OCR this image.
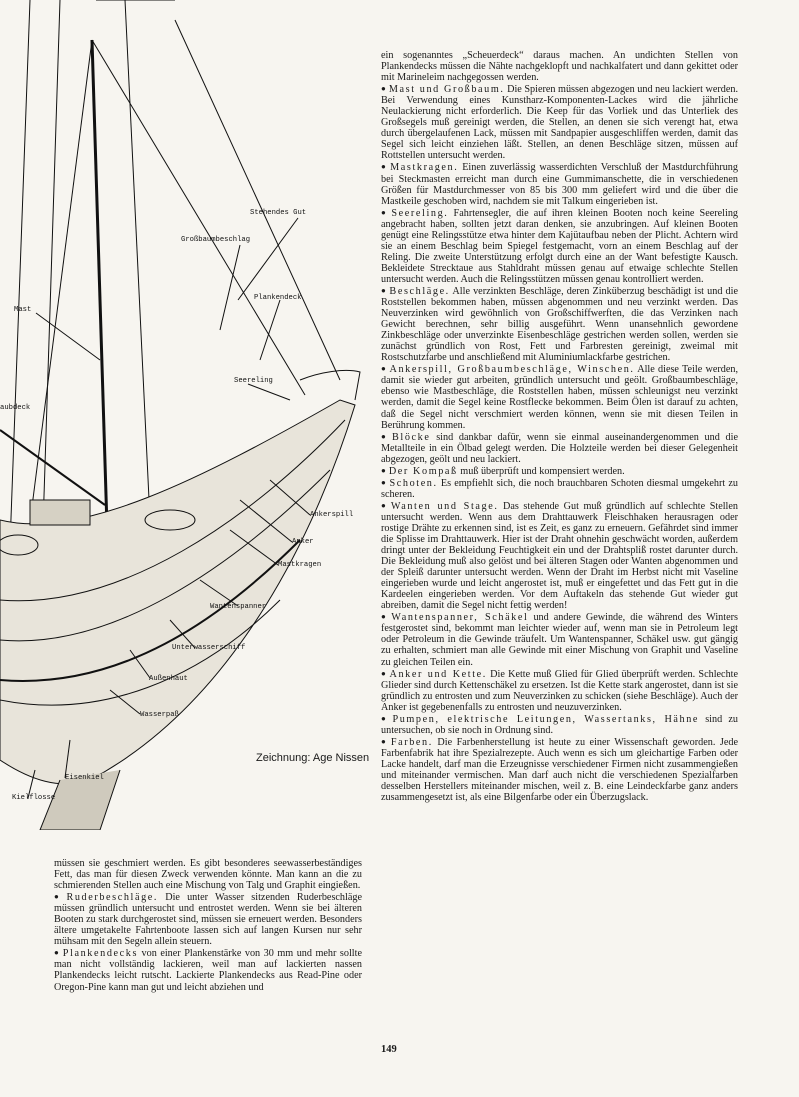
Stehendes Gut
Großbaumbeschlag
Plankendeck
Mast
aubdeck
Seereling
Ankerspill
Anker
Mastkragen
Wantenspanner
Unterwasserschiff
Außenhaut
Wasserpaß
Eisenkiel
Kielflosse
Zeichnung: Age Nissen

ein sogenanntes „Scheuerdeck“ daraus machen. An undichten Stellen von Plankendecks müssen die Nähte nachgeklopft und nachkalfatert und dann gekittet oder mit Marineleim nachgegossen werden.

● Mast und Großbaum. Die Spieren müssen abgezogen und neu lackiert werden. Bei Verwendung eines Kunstharz-Komponenten-Lackes wird die jährliche Neulackierung nicht erforderlich. Die Keep für das Vorliek und das Unterliek des Großsegels muß gereinigt werden, die Stellen, an denen sie sich verengt hat, etwa durch übergelaufenen Lack, müssen mit Sandpapier ausgeschliffen werden, damit das Segel sich leicht einziehen läßt. Stellen, an denen Beschläge sitzen, müssen auf Rottstellen untersucht werden.

● Mastkragen. Einen zuverlässig wasserdichten Verschluß der Mastdurchführung bei Steckmasten erreicht man durch eine Gummimanschette, die in verschiedenen Größen für Mastdurchmesser von 85 bis 300 mm geliefert wird und die über die Mastkeile geschoben wird, nachdem sie mit Talkum eingerieben ist.

● Seereling. Fahrtensegler, die auf ihren kleinen Booten noch keine Seereling angebracht haben, sollten jetzt daran denken, sie anzubringen. Auf kleinen Booten genügt eine Relingsstütze etwa hinter dem Kajütaufbau neben der Plicht. Achtern wird sie an einem Beschlag beim Spiegel festgemacht, vorn an einem Beschlag auf der Reling. Die zweite Unterstützung erfolgt durch eine an der Want befestigte Kausch. Bekleidete Strecktaue aus Stahldraht müssen genau auf etwaige schlechte Stellen untersucht werden. Auch die Relingsstützen müssen genau kontrolliert werden.

● Beschläge. Alle verzinkten Beschläge, deren Zinküberzug beschädigt ist und die Roststellen bekommen haben, müssen abgenommen und neu verzinkt werden. Das Neuverzinken wird gewöhnlich von Großschiffwerften, die das Verzinken nach Gewicht berechnen, sehr billig ausgeführt. Wenn unansehnlich gewordene Zinkbeschläge oder unverzinkte Eisenbeschläge gestrichen werden sollen, werden sie zunächst gründlich von Rost, Fett und Farbresten gereinigt, zweimal mit Rostschutzfarbe und anschließend mit Aluminiumlackfarbe gestrichen.

● Ankerspill, Großbaumbeschläge, Winschen. Alle diese Teile werden, damit sie wieder gut arbeiten, gründlich untersucht und geölt. Großbaumbeschläge, ebenso wie Mastbeschläge, die Roststellen haben, müssen schleunigst neu verzinkt werden, damit die Segel keine Rostflecke bekommen. Beim Ölen ist darauf zu achten, daß die Segel nicht verschmiert werden können, wenn sie mit diesen Teilen in Berührung kommen.

● Blöcke sind dankbar dafür, wenn sie einmal auseinandergenommen und die Metallteile in ein Ölbad gelegt werden. Die Holzteile werden bei dieser Gelegenheit abgezogen, geölt und neu lackiert.

● Der Kompaß muß überprüft und kompensiert werden.

● Schoten. Es empfiehlt sich, die noch brauchbaren Schoten diesmal umgekehrt zu scheren.

● Wanten und Stage. Das stehende Gut muß gründlich auf schlechte Stellen untersucht werden. Wenn aus dem Drahttauwerk Fleischhaken herausragen oder rostige Drähte zu erkennen sind, ist es Zeit, es ganz zu erneuern. Gefährdet sind immer die Splisse im Drahttauwerk. Hier ist der Draht ohnehin geschwächt worden, außerdem dringt unter der Bekleidung Feuchtigkeit ein und der Drahtspliß rostet darunter durch. Die Bekleidung muß also gelöst und bei älteren Stagen oder Wanten abgenommen und der Spleiß darunter untersucht werden. Wenn der Draht im Herbst nicht mit Vaseline eingerieben wurde und leicht angerostet ist, muß er eingefettet und das Fett gut in die Kardeelen eingerieben werden. Vor dem Auftakeln das stehende Gut wieder gut abreiben, damit die Segel nicht fettig werden!

● Wantenspanner, Schäkel und andere Gewinde, die während des Winters festgerostet sind, bekommt man leichter wieder auf, wenn man sie in Petroleum legt oder Petroleum in die Gewinde träufelt. Um Wantenspanner, Schäkel usw. gut gängig zu erhalten, schmiert man alle Gewinde mit einer Mischung von Graphit und Vaseline zu gleichen Teilen ein.

● Anker und Kette. Die Kette muß Glied für Glied überprüft werden. Schlechte Glieder sind durch Kettenschäkel zu ersetzen. Ist die Kette stark angerostet, dann ist sie gründlich zu entrosten und zum Neuverzinken zu schicken (siehe Beschläge). Auch der Anker ist gegebenenfalls zu entrosten und neuzuverzinken.

● Pumpen, elektrische Leitungen, Wassertanks, Hähne sind zu untersuchen, ob sie noch in Ordnung sind.

● Farben. Die Farbenherstellung ist heute zu einer Wissenschaft geworden. Jede Farbenfabrik hat ihre Spezialrezepte. Auch wenn es sich um gleichartige Farben oder Lacke handelt, darf man die Erzeugnisse verschiedener Firmen nicht zusammengießen und miteinander vermischen. Man darf auch nicht die verschiedenen Spezialfarben desselben Herstellers miteinander mischen, weil z. B. eine Leindeckfarbe ganz anders zusammengesetzt ist, als eine Bilgenfarbe oder ein Überzugslack.

müssen sie geschmiert werden. Es gibt besonderes seewasserbeständiges Fett, das man für diesen Zweck verwenden könnte. Man kann an die zu schmierenden Stellen auch eine Mischung von Talg und Graphit eingießen.

● Ruderbeschläge. Die unter Wasser sitzenden Ruderbeschläge müssen gründlich untersucht und entrostet werden. Wenn sie bei älteren Booten zu stark durchgerostet sind, müssen sie erneuert werden. Besonders ältere umgetakelte Fahrtenboote lassen sich auf langen Kursen nur sehr mühsam mit den Segeln allein steuern.

● Plankendecks von einer Plankenstärke von 30 mm und mehr sollte man nicht vollständig lackieren, weil man auf lackierten nassen Plankendecks leicht rutscht. Lackierte Plankendecks aus Read-Pine oder Oregon-Pine kann man gut und leicht abziehen und

149
